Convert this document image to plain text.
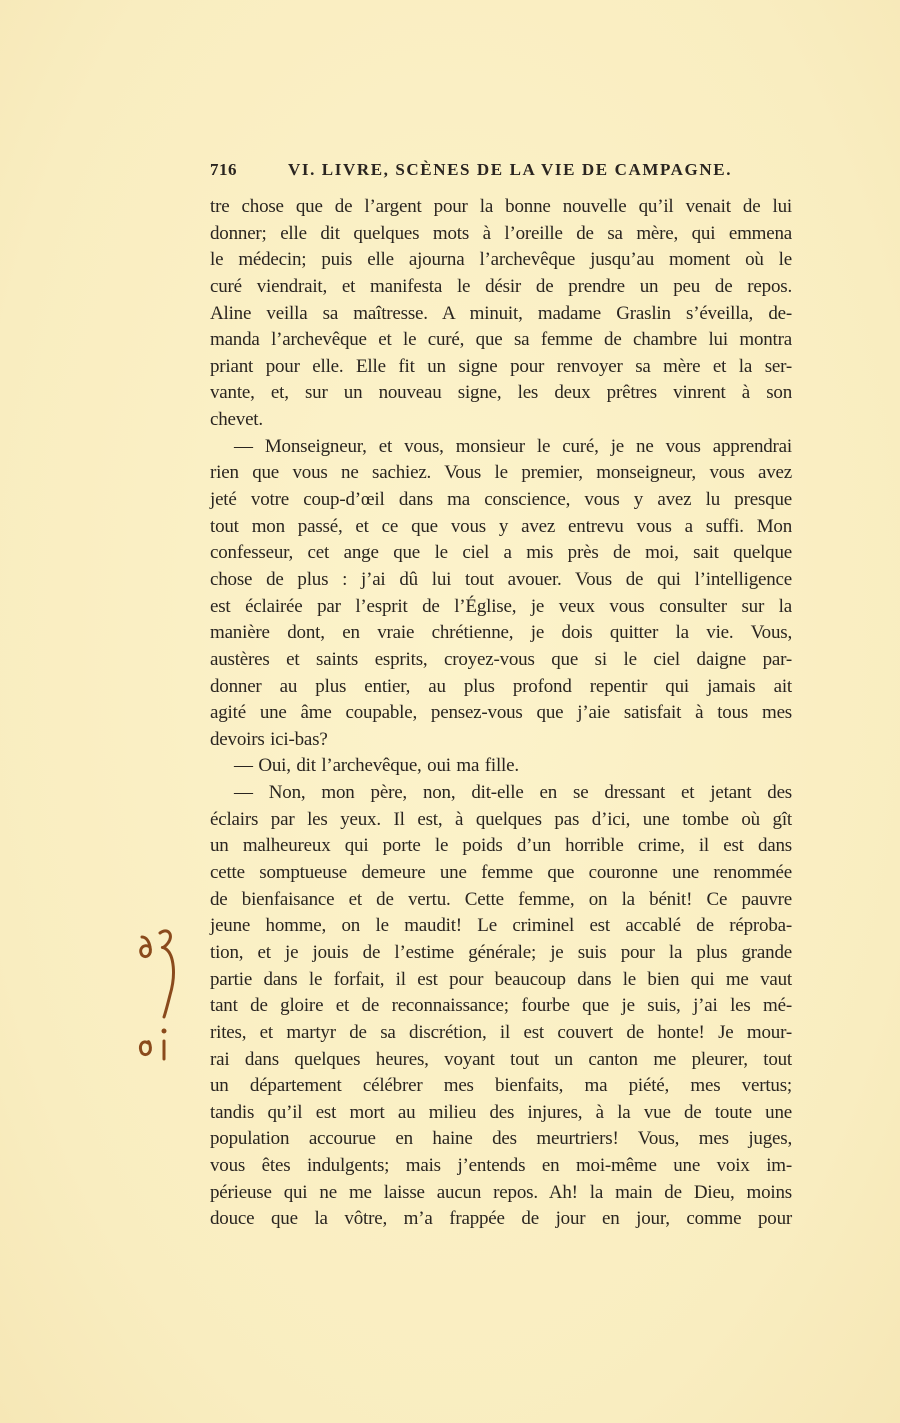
716	VI. LIVRE, SCÈNES DE LA VIE DE CAMPAGNE.
tre chose que de l’argent pour la bonne nouvelle qu’il venait de lui
donner; elle dit quelques mots à l’oreille de sa mère, qui emmena
le médecin; puis elle ajourna l’archevêque jusqu’au moment où le
curé viendrait, et manifesta le désir de prendre un peu de repos.
Aline veilla sa maîtresse. A minuit, madame Graslin s’éveilla, de-
manda l’archevêque et le curé, que sa femme de chambre lui montra
priant pour elle. Elle fit un signe pour renvoyer sa mère et la ser-
vante, et, sur un nouveau signe, les deux prêtres vinrent à son
chevet.
— Monseigneur, et vous, monsieur le curé, je ne vous apprendrai
rien que vous ne sachiez. Vous le premier, monseigneur, vous avez
jeté votre coup-d’œil dans ma conscience, vous y avez lu presque
tout mon passé, et ce que vous y avez entrevu vous a suffi. Mon
confesseur, cet ange que le ciel a mis près de moi, sait quelque
chose de plus : j’ai dû lui tout avouer. Vous de qui l’intelligence
est éclairée par l’esprit de l’Église, je veux vous consulter sur la
manière dont, en vraie chrétienne, je dois quitter la vie. Vous,
austères et saints esprits, croyez-vous que si le ciel daigne par-
donner au plus entier, au plus profond repentir qui jamais ait
agité une âme coupable, pensez-vous que j’aie satisfait à tous mes
devoirs ici-bas?
— Oui, dit l’archevêque, oui ma fille.
— Non, mon père, non, dit-elle en se dressant et jetant des
éclairs par les yeux. Il est, à quelques pas d’ici, une tombe où gît
un malheureux qui porte le poids d’un horrible crime, il est dans
cette somptueuse demeure une femme que couronne une renommée
de bienfaisance et de vertu. Cette femme, on la bénit! Ce pauvre
jeune homme, on le maudit! Le criminel est accablé de réproba-
tion, et je jouis de l’estime générale; je suis pour la plus grande
partie dans le forfait, il est pour beaucoup dans le bien qui me vaut
tant de gloire et de reconnaissance; fourbe que je suis, j’ai les mé-
rites, et martyr de sa discrétion, il est couvert de honte! Je mour-
rai dans quelques heures, voyant tout un canton me pleurer, tout
un département célébrer mes bienfaits, ma piété, mes vertus;
tandis qu’il est mort au milieu des injures, à la vue de toute une
population accourue en haine des meurtriers! Vous, mes juges,
vous êtes indulgents; mais j’entends en moi-même une voix im-
périeuse qui ne me laisse aucun repos. Ah! la main de Dieu, moins
douce que la vôtre, m’a frappée de jour en jour, comme pour
